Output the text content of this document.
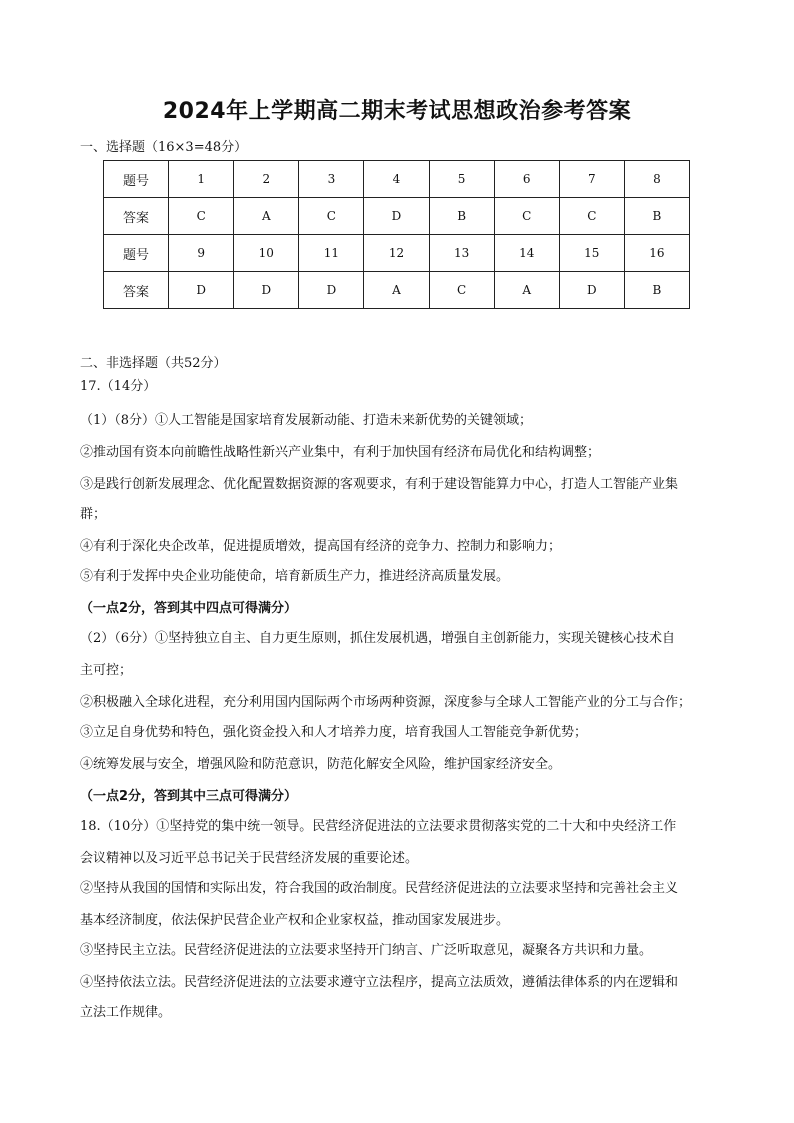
2024年上学期高二期末考试思想政治参考答案
一、选择题（16×3=48分）
题号	1	2	3	4	5	6	7	8
答案	C	A	C	D	B	C	C	B
题号	9	10	11	12	13	14	15	16
答案	D	D	D	A	C	A	D	B
二、非选择题（共52分）
17.（14分）
（1）（8分）①人工智能是国家培育发展新动能、打造未来新优势的关键领域；
②推动国有资本向前瞻性战略性新兴产业集中，有利于加快国有经济布局优化和结构调整；
③是践行创新发展理念、优化配置数据资源的客观要求，有利于建设智能算力中心，打造人工智能产业集
群；
④有利于深化央企改革，促进提质增效，提高国有经济的竞争力、控制力和影响力；
⑤有利于发挥中央企业功能使命，培育新质生产力，推进经济高质量发展。
（一点2分，答到其中四点可得满分）
（2）（6分）①坚持独立自主、自力更生原则，抓住发展机遇，增强自主创新能力，实现关键核心技术自
主可控；
②积极融入全球化进程，充分利用国内国际两个市场两种资源，深度参与全球人工智能产业的分工与合作；
③立足自身优势和特色，强化资金投入和人才培养力度，培育我国人工智能竞争新优势；
④统筹发展与安全，增强风险和防范意识，防范化解安全风险，维护国家经济安全。
（一点2分，答到其中三点可得满分）
18.（10分）①坚持党的集中统一领导。民营经济促进法的立法要求贯彻落实党的二十大和中央经济工作
会议精神以及习近平总书记关于民营经济发展的重要论述。
②坚持从我国的国情和实际出发，符合我国的政治制度。民营经济促进法的立法要求坚持和完善社会主义
基本经济制度，依法保护民营企业产权和企业家权益，推动国家发展进步。
③坚持民主立法。民营经济促进法的立法要求坚持开门纳言、广泛听取意见，凝聚各方共识和力量。
④坚持依法立法。民营经济促进法的立法要求遵守立法程序，提高立法质效，遵循法律体系的内在逻辑和
立法工作规律。
